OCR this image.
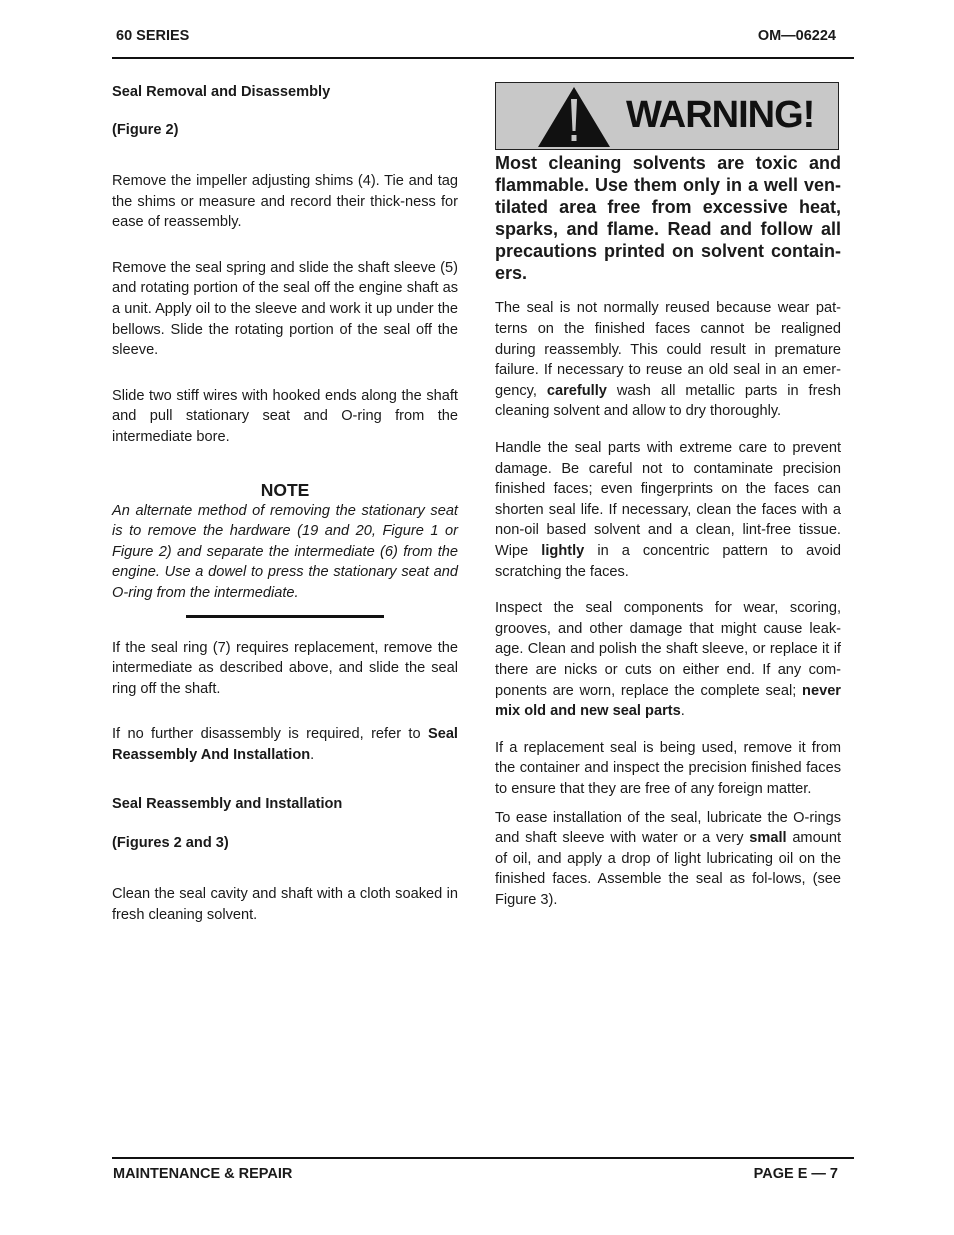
60 SERIES	OM—06224

Seal Removal and Disassembly

(Figure 2)

Remove the impeller adjusting shims (4). Tie and tag the shims or measure and record their thick-ness for ease of reassembly.

Remove the seal spring and slide the shaft sleeve (5) and rotating portion of the seal off the engine shaft as a unit. Apply oil to the sleeve and work it up under the bellows. Slide the rotating portion of the seal off the sleeve.

Slide two stiff wires with hooked ends along the shaft and pull stationary seat and O-ring from the intermediate bore.

NOTE

An alternate method of removing the stationary seat is to remove the hardware (19 and 20, Figure 1 or Figure 2) and separate the intermediate (6) from the engine. Use a dowel to press the stationary seat and O-ring from the intermediate.

If the seal ring (7) requires replacement, remove the intermediate as described above, and slide the seal ring off the shaft.

If no further disassembly is required, refer to Seal Reassembly And Installation.

Seal Reassembly and Installation

(Figures 2 and 3)

Clean the seal cavity and shaft with a cloth soaked in fresh cleaning solvent.

WARNING!

Most cleaning solvents are toxic and flammable. Use them only in a well ven-tilated area free from excessive heat, sparks, and flame. Read and follow all precautions printed on solvent contain-ers.

The seal is not normally reused because wear pat-terns on the finished faces cannot be realigned during reassembly. This could result in premature failure. If necessary to reuse an old seal in an emer-gency, carefully wash all metallic parts in fresh cleaning solvent and allow to dry thoroughly.

Handle the seal parts with extreme care to prevent damage. Be careful not to contaminate precision finished faces; even fingerprints on the faces can shorten seal life. If necessary, clean the faces with a non-oil based solvent and a clean, lint-free tissue. Wipe lightly in a concentric pattern to avoid scratching the faces.

Inspect the seal components for wear, scoring, grooves, and other damage that might cause leak-age. Clean and polish the shaft sleeve, or replace it if there are nicks or cuts on either end. If any com-ponents are worn, replace the complete seal; never mix old and new seal parts.

If a replacement seal is being used, remove it from the container and inspect the precision finished faces to ensure that they are free of any foreign matter.

To ease installation of the seal, lubricate the O-rings and shaft sleeve with water or a very small amount of oil, and apply a drop of light lubricating oil on the finished faces. Assemble the seal as fol-lows, (see Figure 3).

MAINTENANCE & REPAIR	PAGE E — 7
